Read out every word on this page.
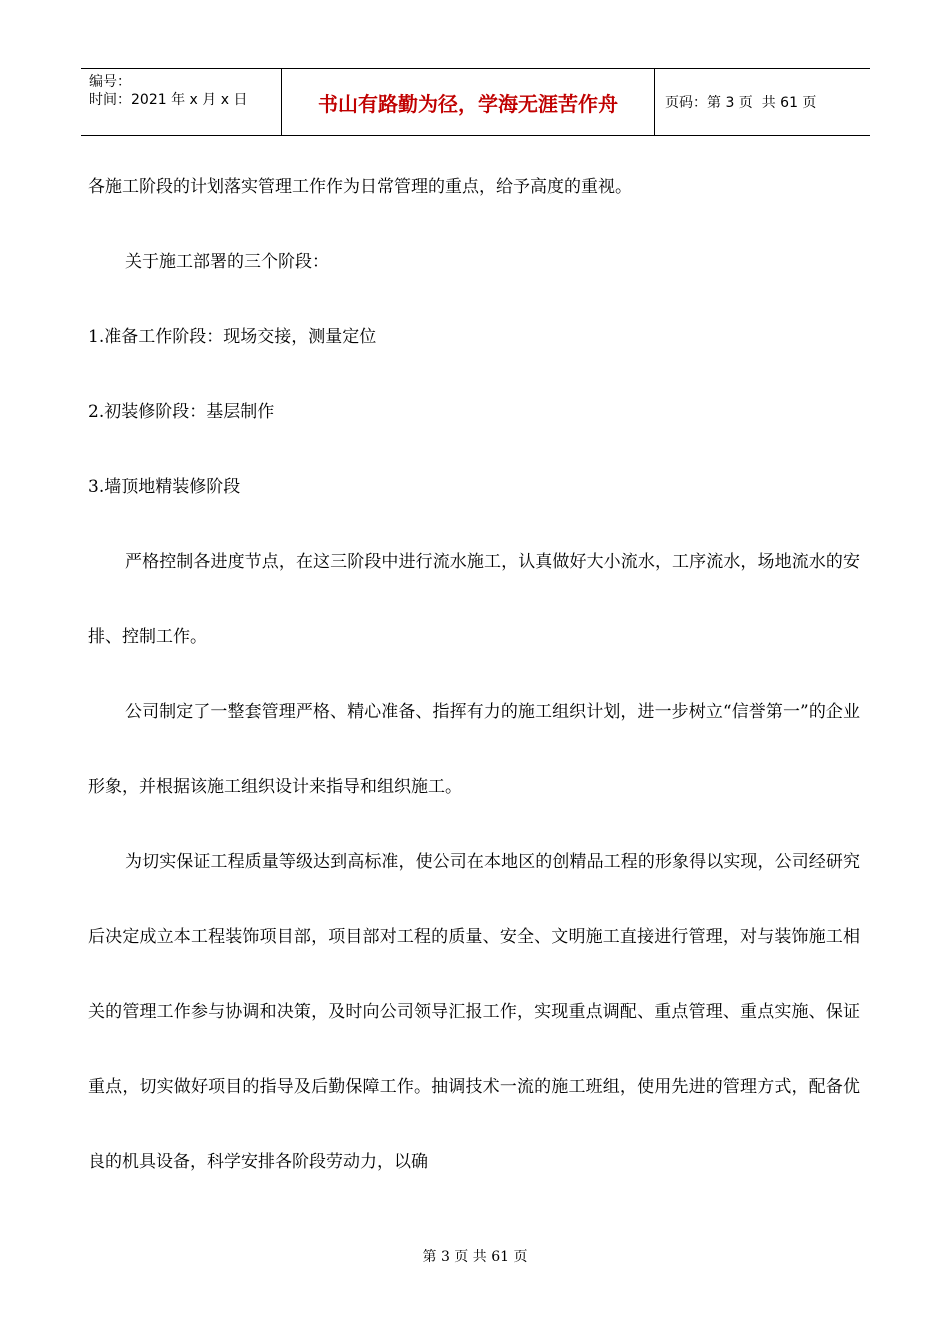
编号：
时间：2021 年 x 月 x 日	书山有路勤为径，学海无涯苦作舟	页码：第 3 页  共 61 页

各施工阶段的计划落实管理工作作为日常管理的重点，给予高度的重视。

关于施工部署的三个阶段：

1.准备工作阶段：现场交接，测量定位

2.初装修阶段：基层制作

3.墙顶地精装修阶段

严格控制各进度节点，在这三阶段中进行流水施工，认真做好大小流水，工序流水，场地流水的安排、控制工作。

公司制定了一整套管理严格、精心准备、指挥有力的施工组织计划，进一步树立“信誉第一”的企业形象，并根据该施工组织设计来指导和组织施工。

为切实保证工程质量等级达到高标准，使公司在本地区的创精品工程的形象得以实现，公司经研究后决定成立本工程装饰项目部，项目部对工程的质量、安全、文明施工直接进行管理，对与装饰施工相关的管理工作参与协调和决策，及时向公司领导汇报工作，实现重点调配、重点管理、重点实施、保证重点，切实做好项目的指导及后勤保障工作。抽调技术一流的施工班组，使用先进的管理方式，配备优良的机具设备，科学安排各阶段劳动力，以确

第 3 页 共 61 页
